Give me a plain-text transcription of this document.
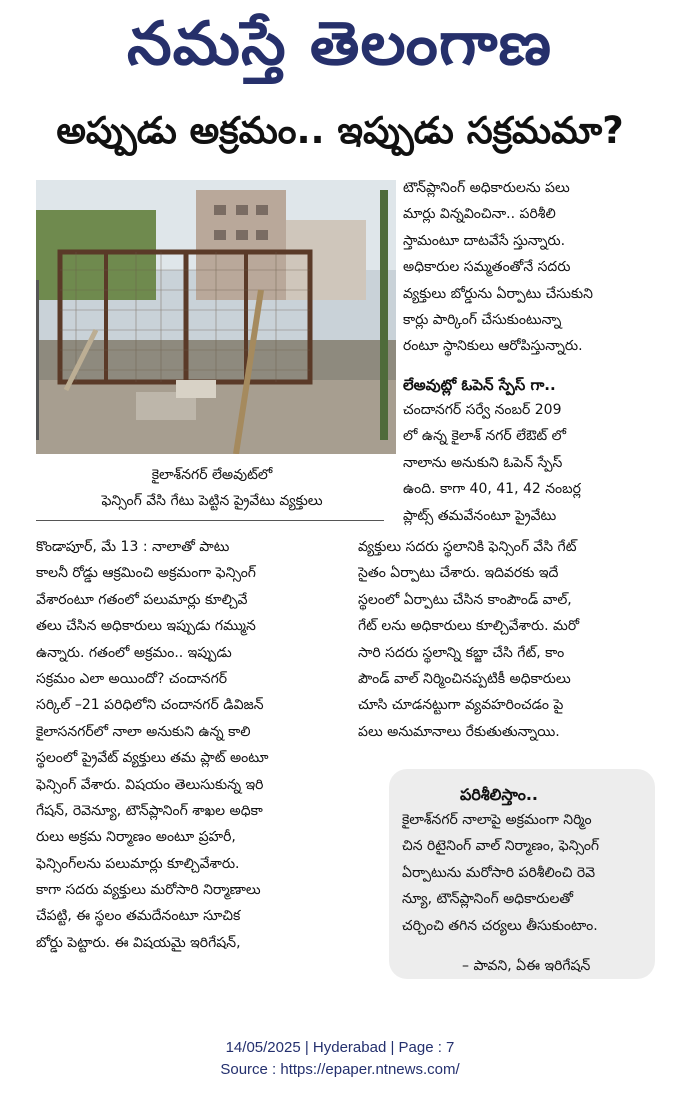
నమస్తే తెలంగాణ
అప్పుడు అక్రమం.. ఇప్పుడు సక్రమమా?
కైలాశ్‌నగర్ లేఅవుట్‌లో
ఫెన్సింగ్ వేసి గేటు పెట్టిన ప్రైవేటు వ్యక్తులు
టౌన్‌ప్లానింగ్ అధికారులను పలు
మార్లు విన్నవించినా.. పరిశీలి
స్తామంటూ దాటవేసే స్తున్నారు.
అధికారుల సమ్మతంతోనే సదరు
వ్యక్తులు బోర్డును ఏర్పాటు చేసుకుని
కార్లు పార్కింగ్ చేసుకుంటున్నా
రంటూ స్థానికులు ఆరోపిస్తున్నారు.
లేఅవుట్లో ఓపెన్ స్పేస్ గా..
చందానగర్ సర్వే నంబర్ 209
లో ఉన్న కైలాశ్ నగర్ లేఔట్ లో
నాలాను అనుకుని ఓపెన్ స్పేస్
ఉంది. కాగా 40, 41, 42 నంబర్ల
ప్లాట్స్ తమవేనంటూ ప్రైవేటు
వ్యక్తులు సదరు స్థలానికి ఫెన్సింగ్ వేసి గేట్
సైతం ఏర్పాటు చేశారు. ఇదివరకు ఇదే
స్థలంలో ఏర్పాటు చేసిన కాంపౌండ్ వాల్,
గేట్ లను అధికారులు కూల్చివేశారు. మరో
సారి సదరు స్థలాన్ని కబ్జా చేసి గేట్, కాం
పౌండ్ వాల్ నిర్మించినప్పటికీ అధికారులు
చూసి చూడనట్టుగా వ్యవహరించడం పై
పలు అనుమానాలు రేకుతుతున్నాయి.
కొండాపూర్, మే 13 : నాలాతో పాటు
కాలనీ రోడ్డు ఆక్రమించి అక్రమంగా ఫెన్సింగ్
వేశారంటూ గతంలో పలుమార్లు కూల్చివే
తలు చేసిన అధికారులు ఇప్పుడు గమ్మున
ఉన్నారు. గతంలో అక్రమం.. ఇప్పుడు
సక్రమం ఎలా అయిందో? చందానగర్
సర్కిల్ –21 పరిధిలోని చందానగర్ డివిజన్
కైలాసనగర్‌లో నాలా అనుకుని ఉన్న కాలి
స్థలంలో ప్రైవేట్ వ్యక్తులు తమ ప్లాట్ అంటూ
ఫెన్సింగ్ వేశారు. విషయం తెలుసుకున్న ఇరి
గేషన్, రెవెన్యూ, టౌన్‌ప్లానింగ్ శాఖల అధికా
రులు అక్రమ నిర్మాణం అంటూ ప్రహరీ,
ఫెన్సింగ్‌లను పలుమార్లు కూల్చివేశారు.
కాగా సదరు వ్యక్తులు మరోసారి నిర్మాణాలు
చేపట్టి, ఈ స్థలం తమదేనంటూ సూచిక
బోర్డు పెట్టారు. ఈ విషయమై ఇరిగేషన్,
పరిశీలిస్తాం..
కైలాశ్‌నగర్ నాలాపై అక్రమంగా నిర్మిం
చిన రిటైనింగ్ వాల్ నిర్మాణం, ఫెన్సింగ్
ఏర్పాటును మరోసారి పరిశీలించి రెవె
న్యూ, టౌన్‌ప్లానింగ్ అధికారులతో
చర్చించి తగిన చర్యలు తీసుకుంటాం.
– పావని, ఏఈ ఇరిగేషన్
14/05/2025 | Hyderabad | Page : 7
Source : https://epaper.ntnews.com/
